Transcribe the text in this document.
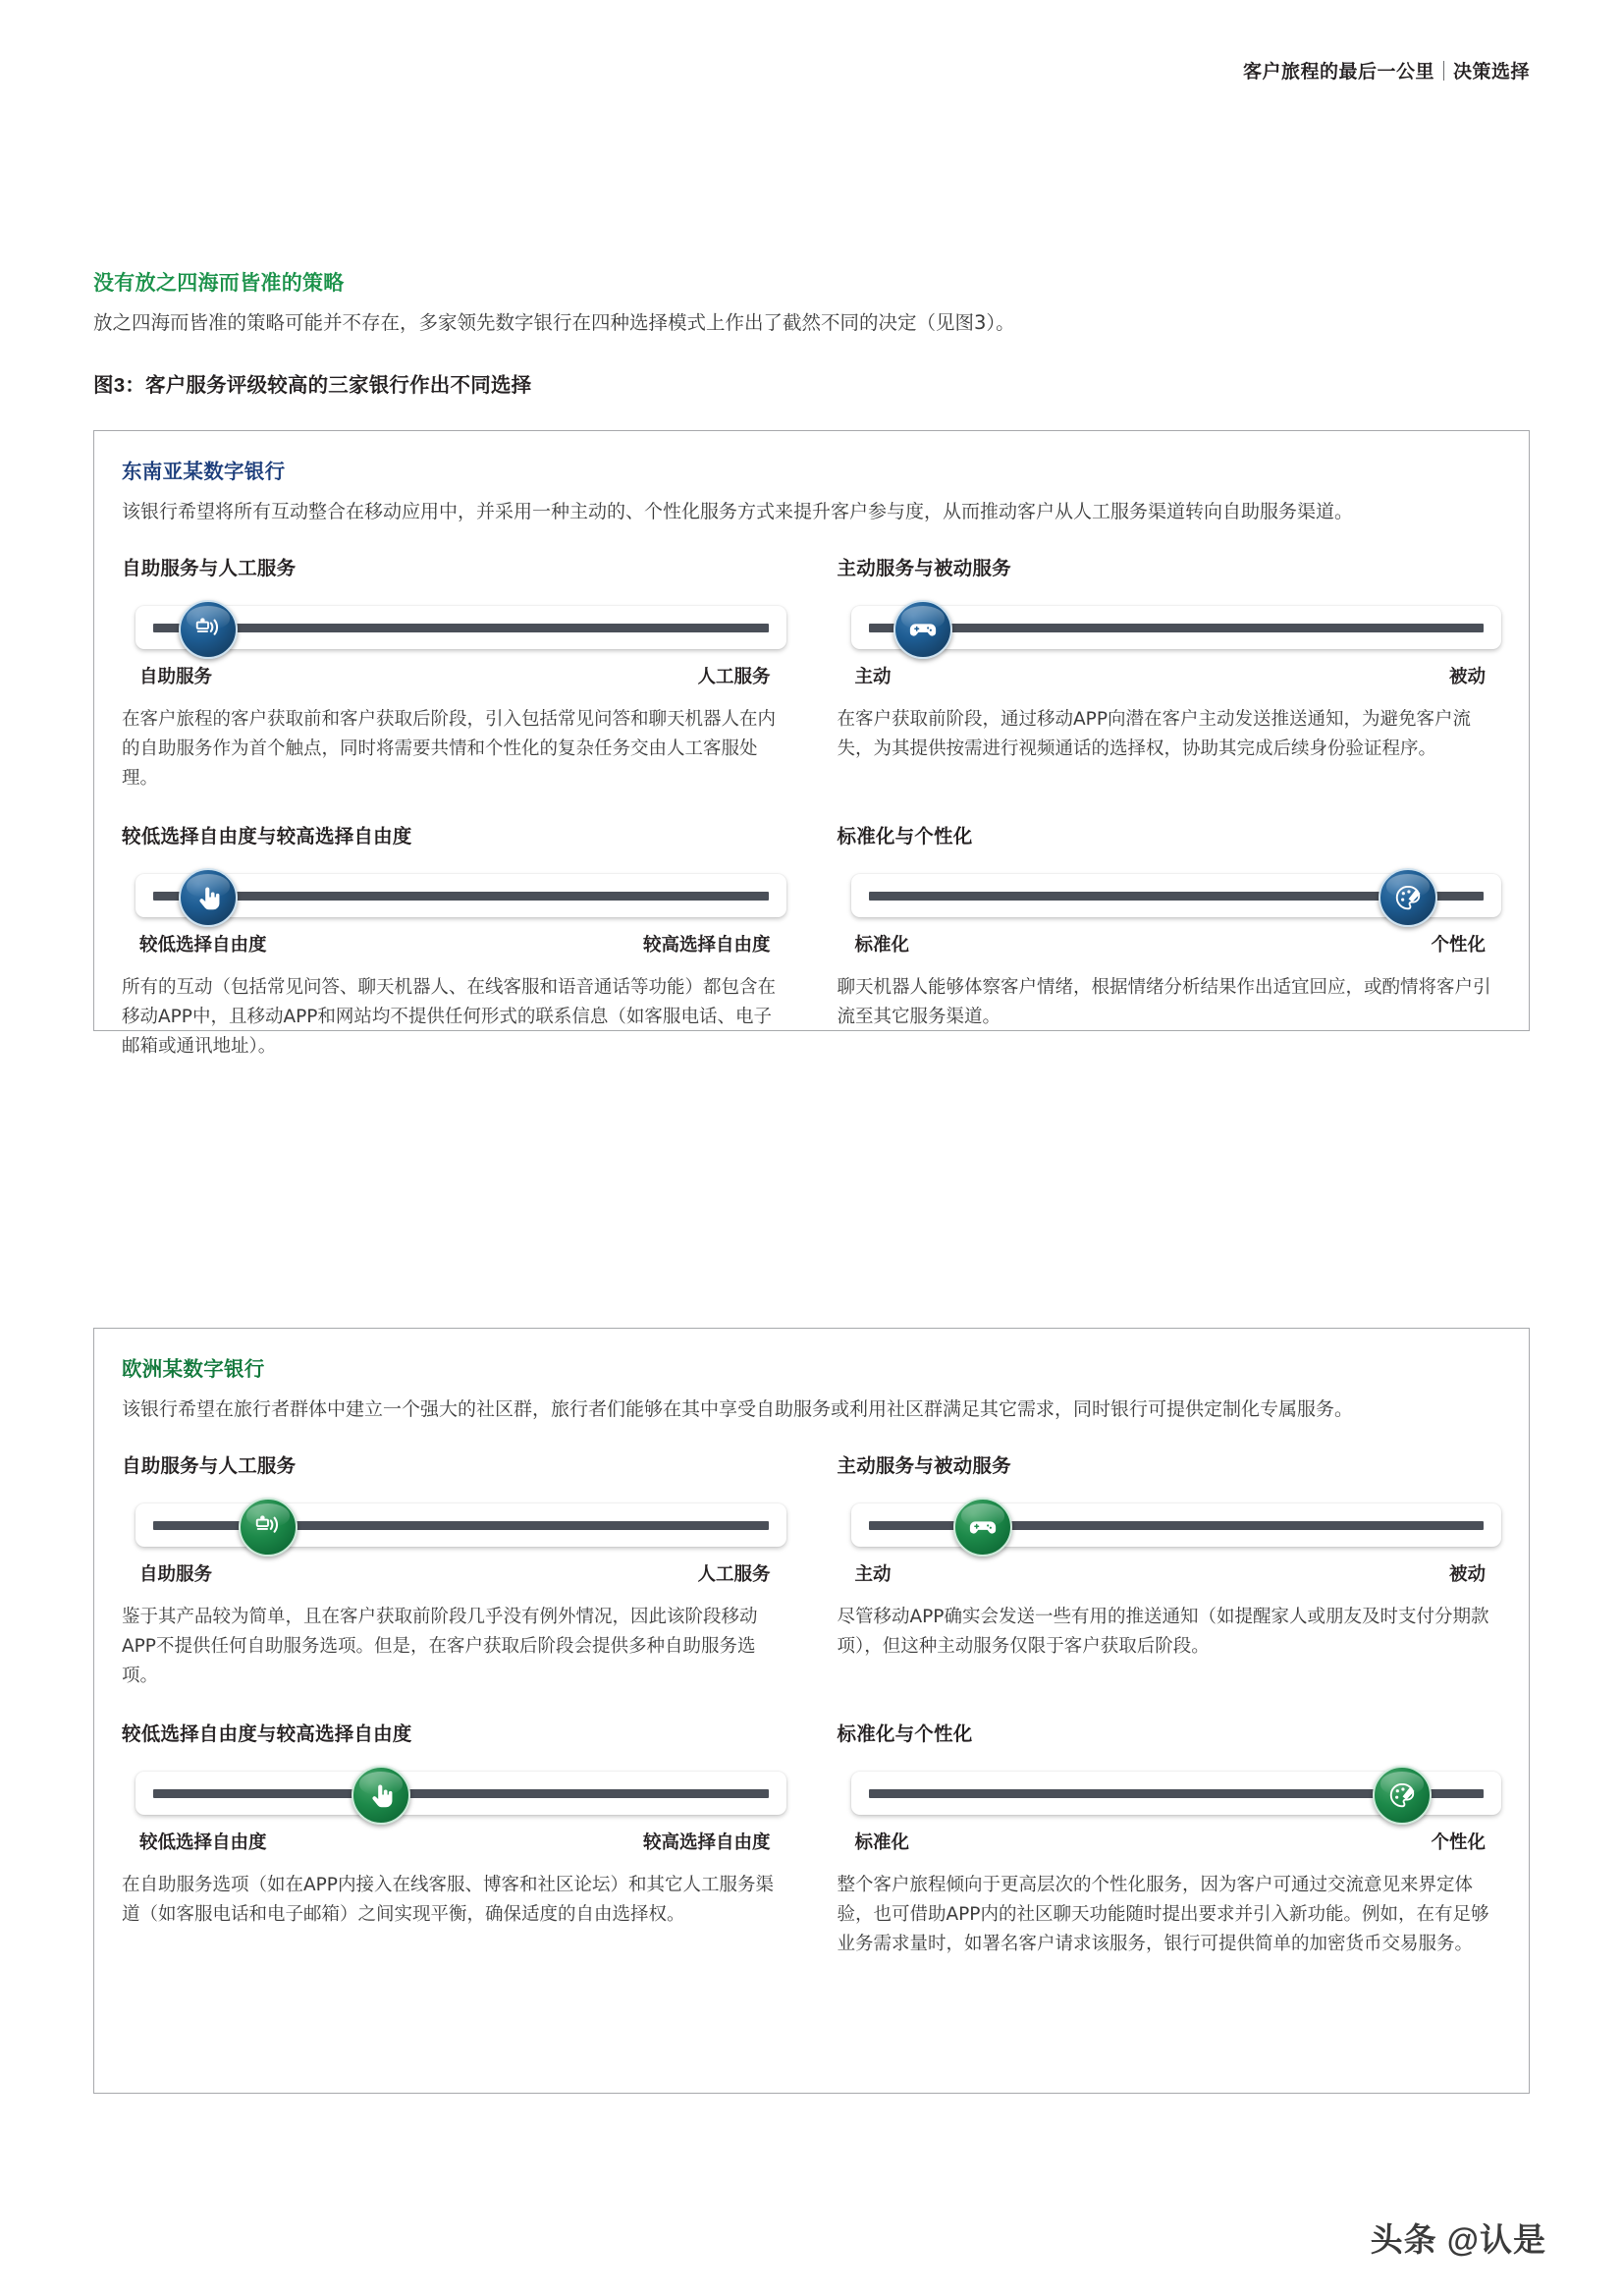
客户旅程的最后一公里 决策选择
没有放之四海而皆准的策略

放之四海而皆准的策略可能并不存在，多家领先数字银行在四种选择模式上作出了截然不同的决定（见图3）。

图3：客户服务评级较高的三家银行作出不同选择
东南亚某数字银行

该银行希望将所有互动整合在移动应用中，并采用一种主动的、个性化服务方式来提升客户参与度，从而推动客户从人工服务渠道转向自助服务渠道。

自助服务与人工服务
自助服务	人工服务

在客户旅程的客户获取前和客户获取后阶段，引入包括常见问答和聊天机器人在内的自助服务作为首个触点，同时将需要共情和个性化的复杂任务交由人工客服处理。

主动服务与被动服务
主动	被动

在客户获取前阶段，通过移动APP向潜在客户主动发送推送通知，为避免客户流失，为其提供按需进行视频通话的选择权，协助其完成后续身份验证程序。

较低选择自由度与较高选择自由度
较低选择自由度	较高选择自由度

所有的互动（包括常见问答、聊天机器人、在线客服和语音通话等功能）都包含在移动APP中，且移动APP和网站均不提供任何形式的联系信息（如客服电话、电子邮箱或通讯地址）。

标准化与个性化
标准化	个性化

聊天机器人能够体察客户情绪，根据情绪分析结果作出适宜回应，或酌情将客户引流至其它服务渠道。

欧洲某数字银行

该银行希望在旅行者群体中建立一个强大的社区群，旅行者们能够在其中享受自助服务或利用社区群满足其它需求，同时银行可提供定制化专属服务。

自助服务与人工服务
自助服务	人工服务

鉴于其产品较为简单，且在客户获取前阶段几乎没有例外情况，因此该阶段移动APP不提供任何自助服务选项。但是，在客户获取后阶段会提供多种自助服务选项。

主动服务与被动服务
主动	被动

尽管移动APP确实会发送一些有用的推送通知（如提醒家人或朋友及时支付分期款项），但这种主动服务仅限于客户获取后阶段。

较低选择自由度与较高选择自由度
较低选择自由度	较高选择自由度

在自助服务选项（如在APP内接入在线客服、博客和社区论坛）和其它人工服务渠道（如客服电话和电子邮箱）之间实现平衡，确保适度的自由选择权。

标准化与个性化
标准化	个性化

整个客户旅程倾向于更高层次的个性化服务，因为客户可通过交流意见来界定体验，也可借助APP内的社区聊天功能随时提出要求并引入新功能。例如，在有足够业务需求量时，如署名客户请求该服务，银行可提供简单的加密货币交易服务。

头条 @认是
